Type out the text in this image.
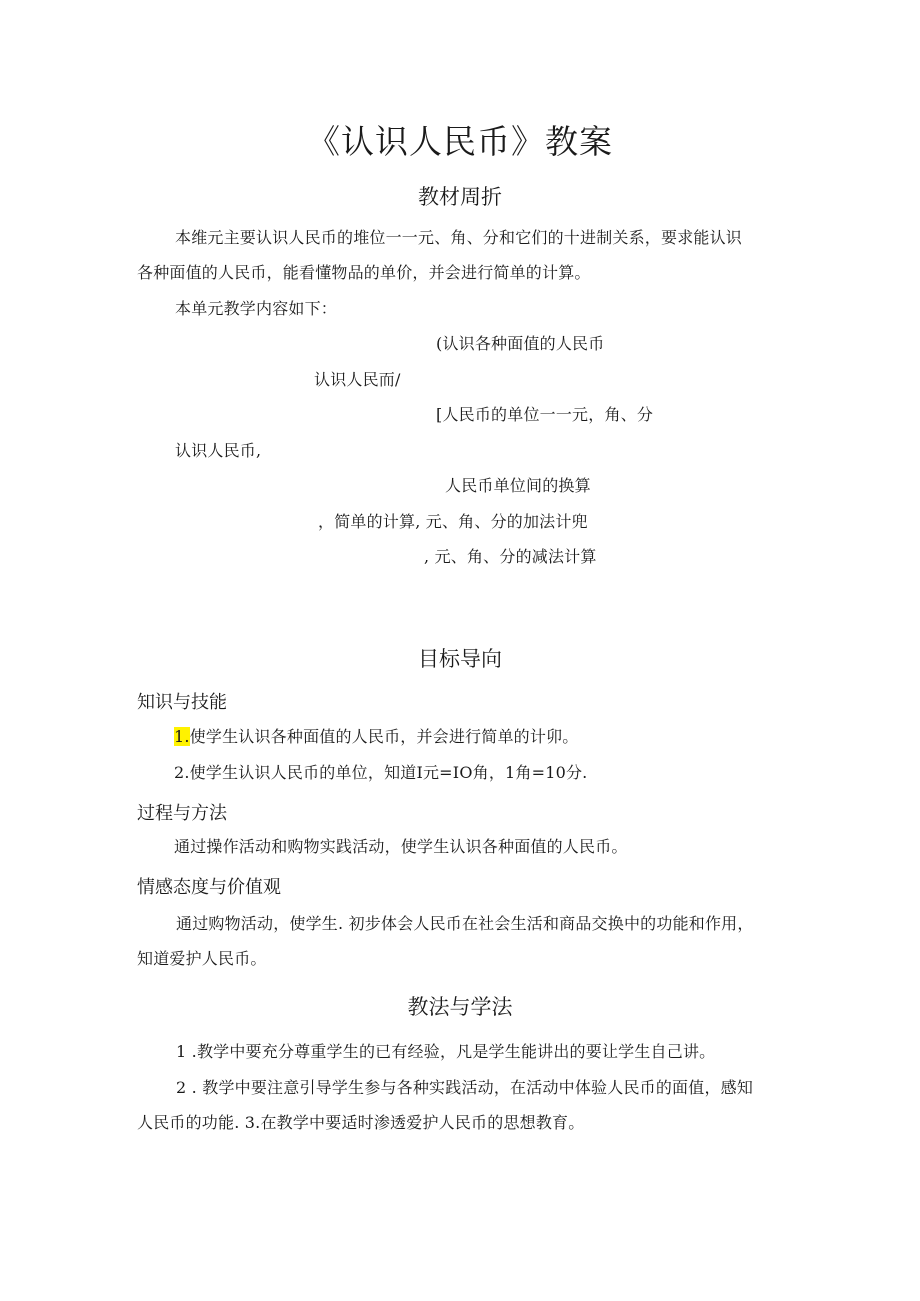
《认识人民币》教案
教材周折
本维元主要认识人民币的堆位一一元、角、分和它们的十进制关系，要求能认识
各种面值的人民币，能看懂物品的单价，并会进行简单的计算。
本单元教学内容如下：
(认识各种面值的人民币
认识人民而/
[人民币的单位一一元，角、分
认识人民币,
人民币单位间的换算
，简单的计算, 元、角、分的加法计兜
, 元、角、分的减法计算
目标导向
知识与技能
1.使学生认识各种面值的人民币，并会进行简单的计卯。
2.使学生认识人民币的单位，知道I元=IO角，1角=10分.
过程与方法
通过操作活动和购物实践活动，使学生认识各种面值的人民币。
情感态度与价值观
通过购物活动，使学生. 初步体会人民币在社会生活和商品交换中的功能和作用，
知道爱护人民币。
教法与学法
1 .教学中要充分尊重学生的已有经验，凡是学生能讲出的要让学生自己讲。
2 . 教学中要注意引导学生参与各种实践活动，在活动中体验人民币的面值，感知
人民币的功能. 3.在教学中要适时渗透爱护人民币的思想教育。
